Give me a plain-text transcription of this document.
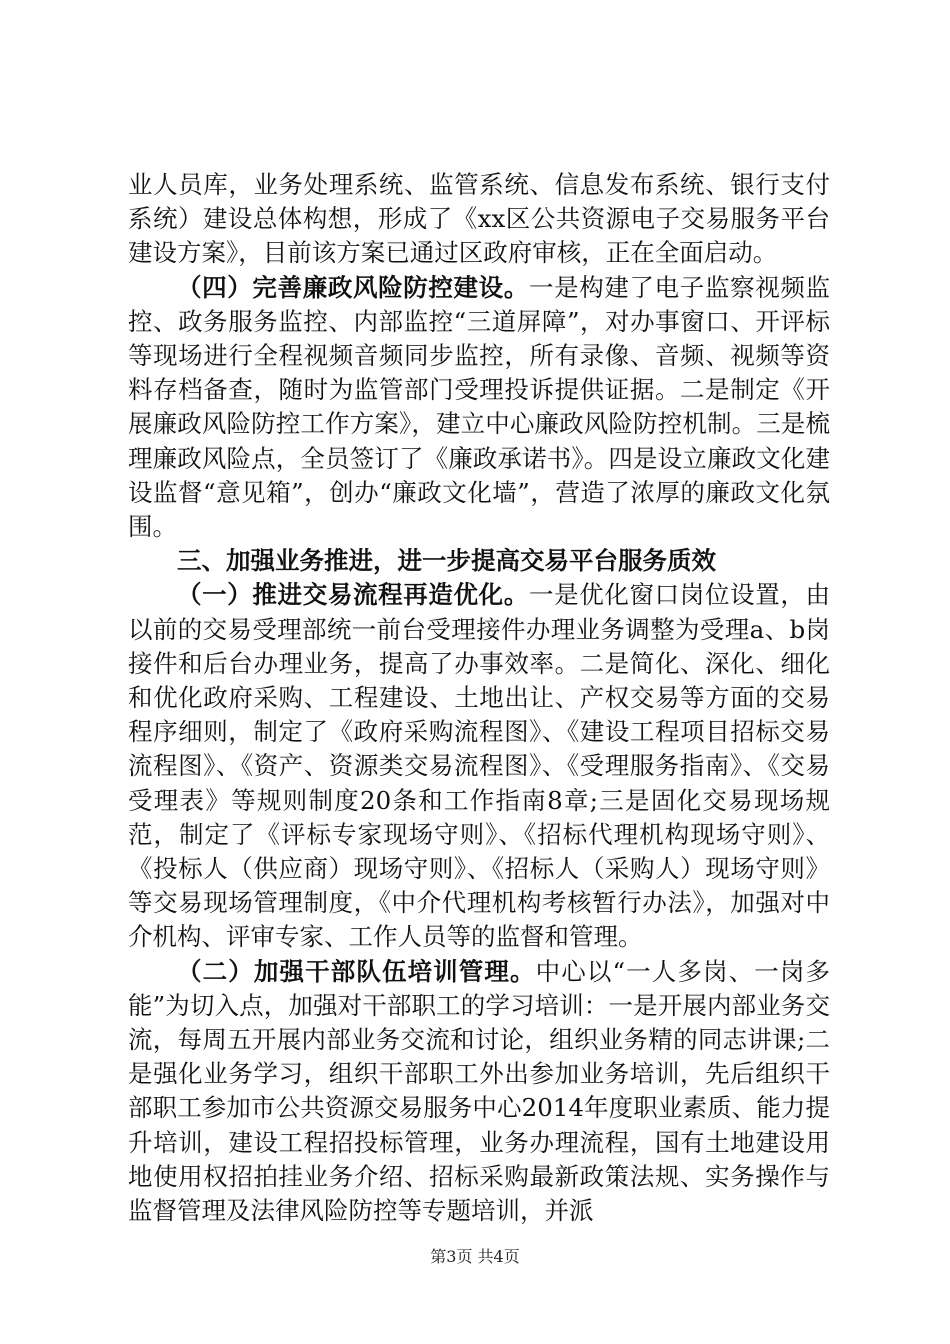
业人员库，业务处理系统、监管系统、信息发布系统、银行支付系统）建设总体构想，形成了《xx区公共资源电子交易服务平台建设方案》，目前该方案已通过区政府审核，正在全面启动。

（四）完善廉政风险防控建设。一是构建了电子监察视频监控、政务服务监控、内部监控“三道屏障”，对办事窗口、开评标等现场进行全程视频音频同步监控，所有录像、音频、视频等资料存档备查，随时为监管部门受理投诉提供证据。二是制定《开展廉政风险防控工作方案》，建立中心廉政风险防控机制。三是梳理廉政风险点，全员签订了《廉政承诺书》。四是设立廉政文化建设监督“意见箱”，创办“廉政文化墙”，营造了浓厚的廉政文化氛围。

三、加强业务推进，进一步提高交易平台服务质效

（一）推进交易流程再造优化。一是优化窗口岗位设置，由以前的交易受理部统一前台受理接件办理业务调整为受理a、b岗接件和后台办理业务，提高了办事效率。二是简化、深化、细化和优化政府采购、工程建设、土地出让、产权交易等方面的交易程序细则，制定了《政府采购流程图》、《建设工程项目招标交易流程图》、《资产、资源类交易流程图》、《受理服务指南》、《交易受理表》等规则制度20条和工作指南8章;三是固化交易现场规范，制定了《评标专家现场守则》、《招标代理机构现场守则》、《投标人（供应商）现场守则》、《招标人（采购人）现场守则》等交易现场管理制度，《中介代理机构考核暂行办法》，加强对中介机构、评审专家、工作人员等的监督和管理。

（二）加强干部队伍培训管理。中心以“一人多岗、一岗多能”为切入点，加强对干部职工的学习培训：一是开展内部业务交流，每周五开展内部业务交流和讨论，组织业务精的同志讲课;二是强化业务学习，组织干部职工外出参加业务培训，先后组织干部职工参加市公共资源交易服务中心2014年度职业素质、能力提升培训，建设工程招投标管理，业务办理流程，国有土地建设用地使用权招拍挂业务介绍、招标采购最新政策法规、实务操作与监督管理及法律风险防控等专题培训，并派

第3页 共4页
